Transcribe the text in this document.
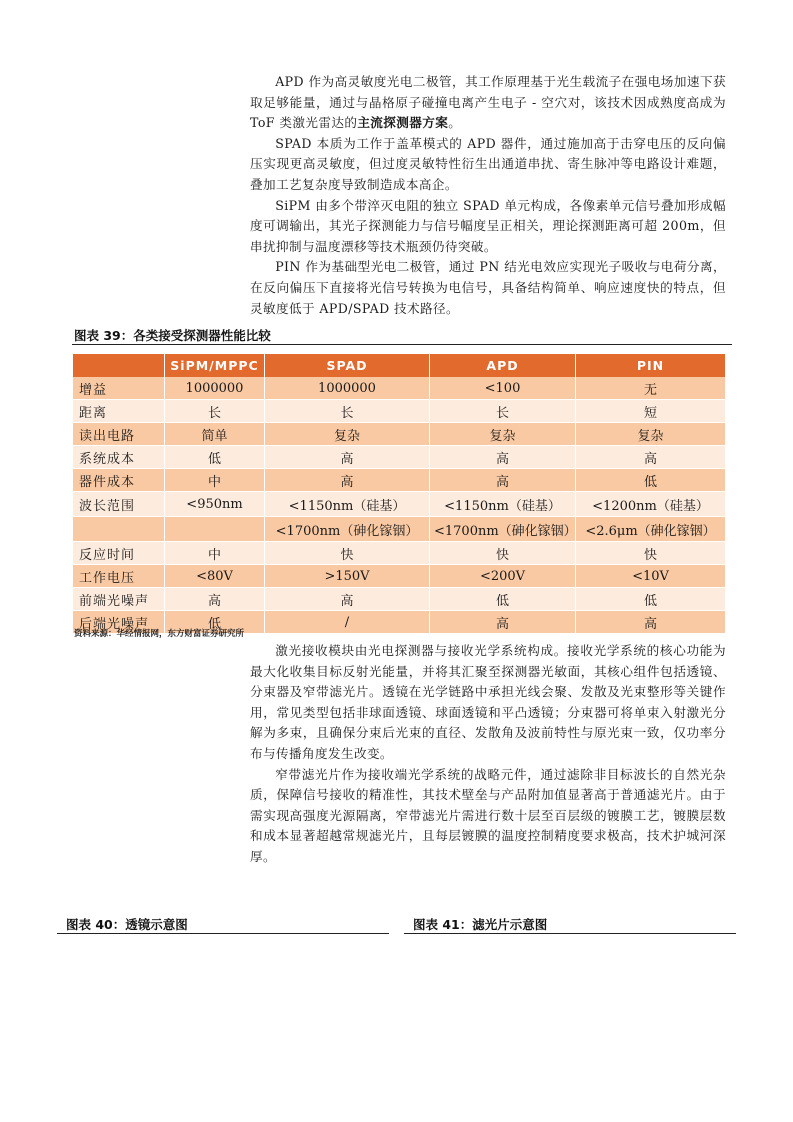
APD 作为高灵敏度光电二极管，其工作原理基于光生载流子在强电场加速下获取足够能量，通过与晶格原子碰撞电离产生电子 - 空穴对，该技术因成熟度高成为 ToF 类激光雷达的主流探测器方案。

SPAD 本质为工作于盖革模式的 APD 器件，通过施加高于击穿电压的反向偏压实现更高灵敏度，但过度灵敏特性衍生出通道串扰、寄生脉冲等电路设计难题，叠加工艺复杂度导致制造成本高企。

SiPM 由多个带淬灭电阻的独立 SPAD 单元构成，各像素单元信号叠加形成幅度可调输出，其光子探测能力与信号幅度呈正相关，理论探测距离可超 200m，但串扰抑制与温度漂移等技术瓶颈仍待突破。

PIN 作为基础型光电二极管，通过 PN 结光电效应实现光子吸收与电荷分离，在反向偏压下直接将光信号转换为电信号，具备结构简单、响应速度快的特点，但灵敏度低于 APD/SPAD 技术路径。

图表 39：各类接受探测器性能比较
	SiPM/MPPC	SPAD	APD	PIN
增益	1000000	1000000	<100	无
距离	长	长	长	短
读出电路	简单	复杂	复杂	复杂
系统成本	低	高	高	高
器件成本	中	高	高	低
波长范围	<950nm	<1150nm（硅基）	<1150nm（硅基）	<1200nm（硅基）
		<1700nm（砷化镓铟）	<1700nm（砷化镓铟）	<2.6μm（砷化镓铟）
反应时间	中	快	快	快
工作电压	<80V	>150V	<200V	<10V
前端光噪声	高	高	低	低
后端光噪声	低	/	高	高
资料来源：华经情报网，东方财富证券研究所

激光接收模块由光电探测器与接收光学系统构成。接收光学系统的核心功能为最大化收集目标反射光能量，并将其汇聚至探测器光敏面，其核心组件包括透镜、分束器及窄带滤光片。透镜在光学链路中承担光线会聚、发散及光束整形等关键作用，常见类型包括非球面透镜、球面透镜和平凸透镜；分束器可将单束入射激光分解为多束，且确保分束后光束的直径、发散角及波前特性与原光束一致，仅功率分布与传播角度发生改变。

窄带滤光片作为接收端光学系统的战略元件，通过滤除非目标波长的自然光杂质，保障信号接收的精准性，其技术壁垒与产品附加值显著高于普通滤光片。由于需实现高强度光源隔离，窄带滤光片需进行数十层至百层级的镀膜工艺，镀膜层数和成本显著超越常规滤光片，且每层镀膜的温度控制精度要求极高，技术护城河深厚。

图表 40：透镜示意图	图表 41：滤光片示意图
